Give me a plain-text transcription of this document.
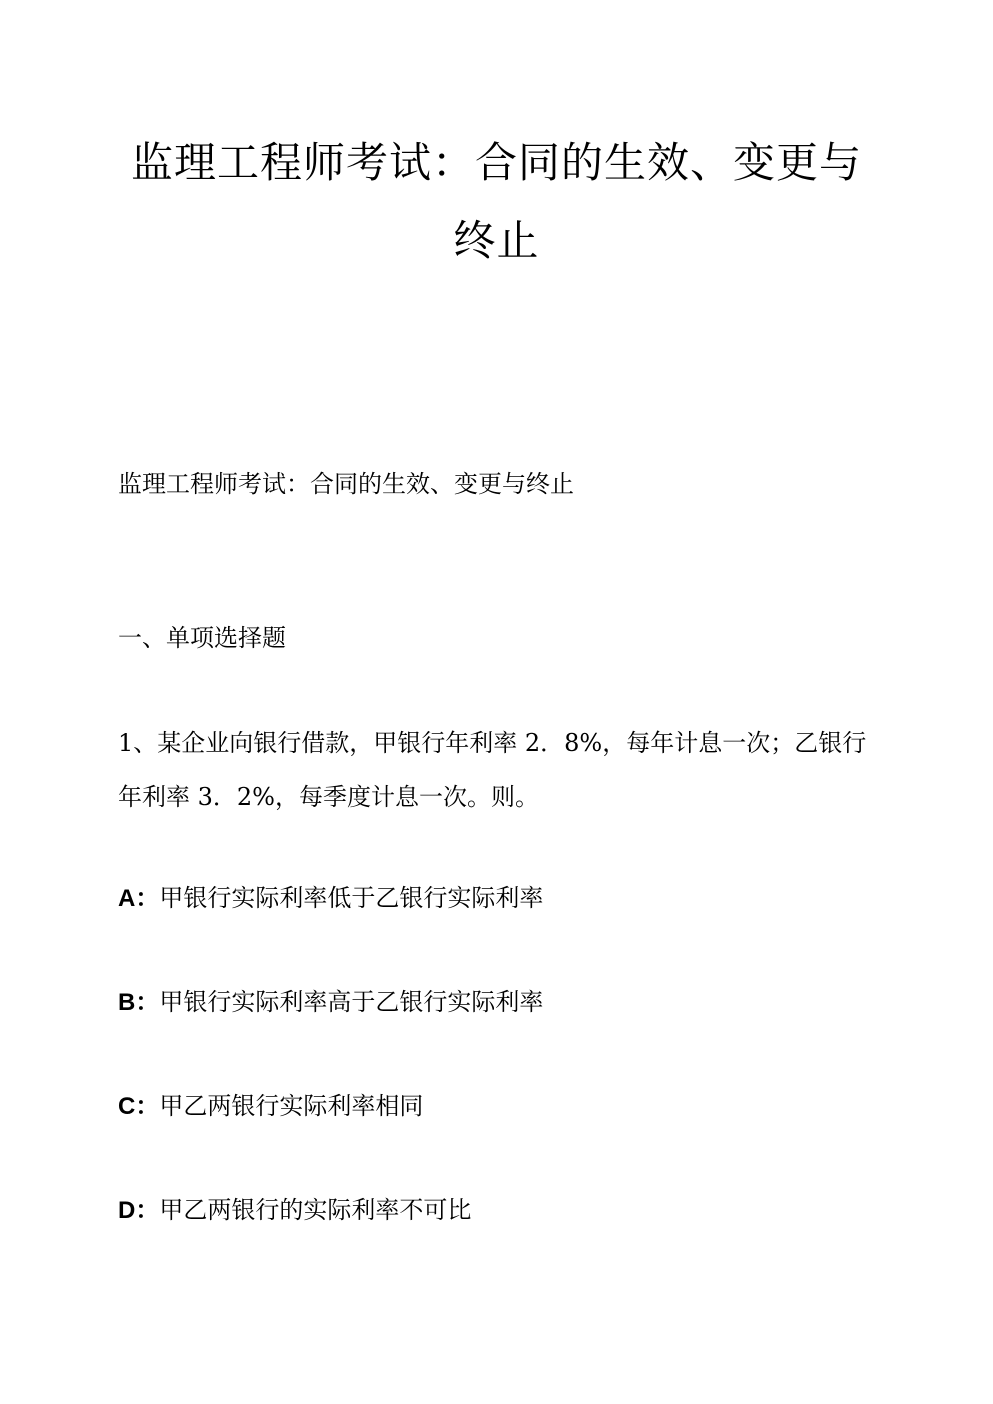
监理工程师考试：合同的生效、变更与
终止

监理工程师考试：合同的生效、变更与终止

一、单项选择题

1、某企业向银行借款，甲银行年利率 2．8%，每年计息一次；乙银行年利率 3．2%，每季度计息一次。则。

A：甲银行实际利率低于乙银行实际利率

B：甲银行实际利率高于乙银行实际利率

C：甲乙两银行实际利率相同

D：甲乙两银行的实际利率不可比
